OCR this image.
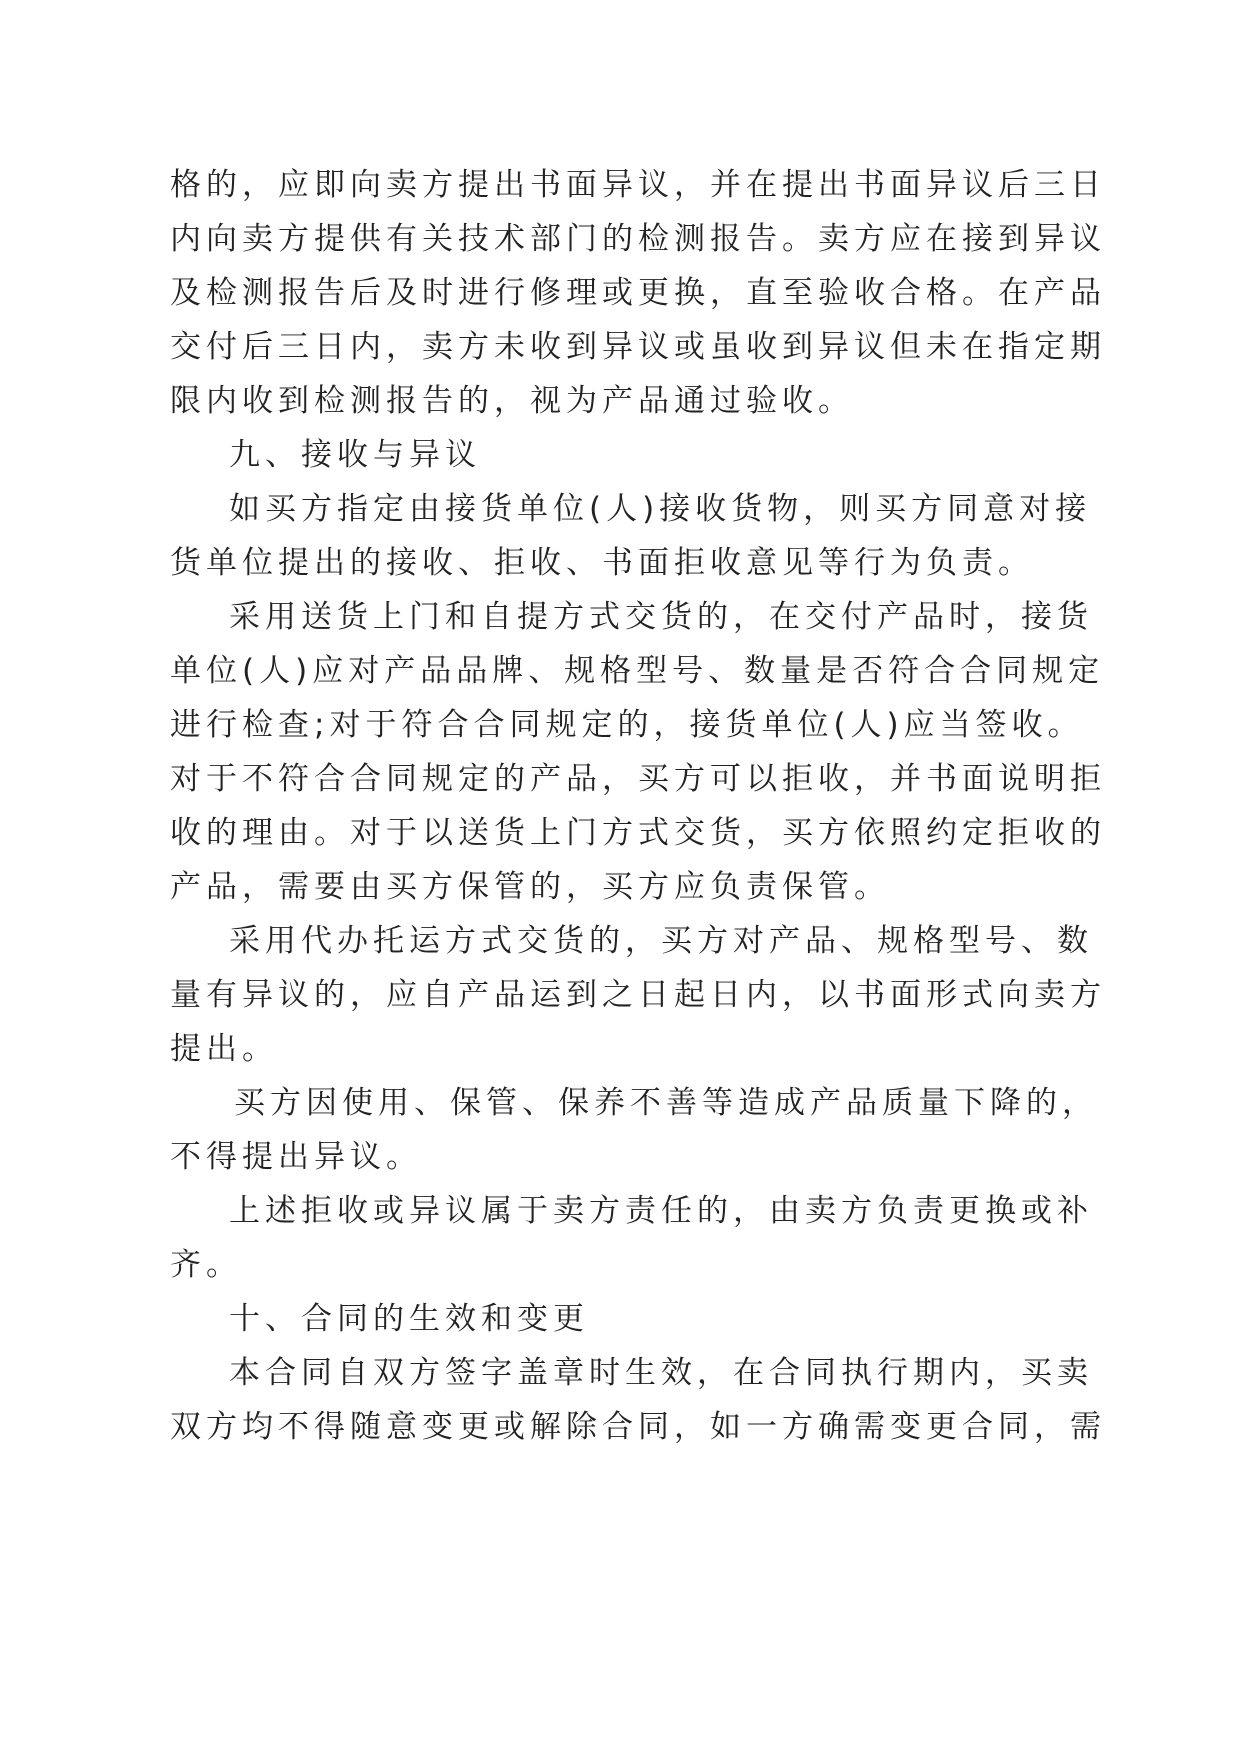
格的，应即向卖方提出书面异议，并在提出书面异议后三日
内向卖方提供有关技术部门的检测报告。卖方应在接到异议
及检测报告后及时进行修理或更换，直至验收合格。在产品
交付后三日内，卖方未收到异议或虽收到异议但未在指定期
限内收到检测报告的，视为产品通过验收。
九、接收与异议
如买方指定由接货单位(人)接收货物，则买方同意对接
货单位提出的接收、拒收、书面拒收意见等行为负责。
采用送货上门和自提方式交货的，在交付产品时，接货
单位(人)应对产品品牌、规格型号、数量是否符合合同规定
进行检查;对于符合合同规定的，接货单位(人)应当签收。
对于不符合合同规定的产品，买方可以拒收，并书面说明拒
收的理由。对于以送货上门方式交货，买方依照约定拒收的
产品，需要由买方保管的，买方应负责保管。
采用代办托运方式交货的，买方对产品、规格型号、数
量有异议的，应自产品运到之日起日内，以书面形式向卖方
提出。
买方因使用、保管、保养不善等造成产品质量下降的，
不得提出异议。
上述拒收或异议属于卖方责任的，由卖方负责更换或补
齐。
十、合同的生效和变更
本合同自双方签字盖章时生效，在合同执行期内，买卖
双方均不得随意变更或解除合同，如一方确需变更合同，需
